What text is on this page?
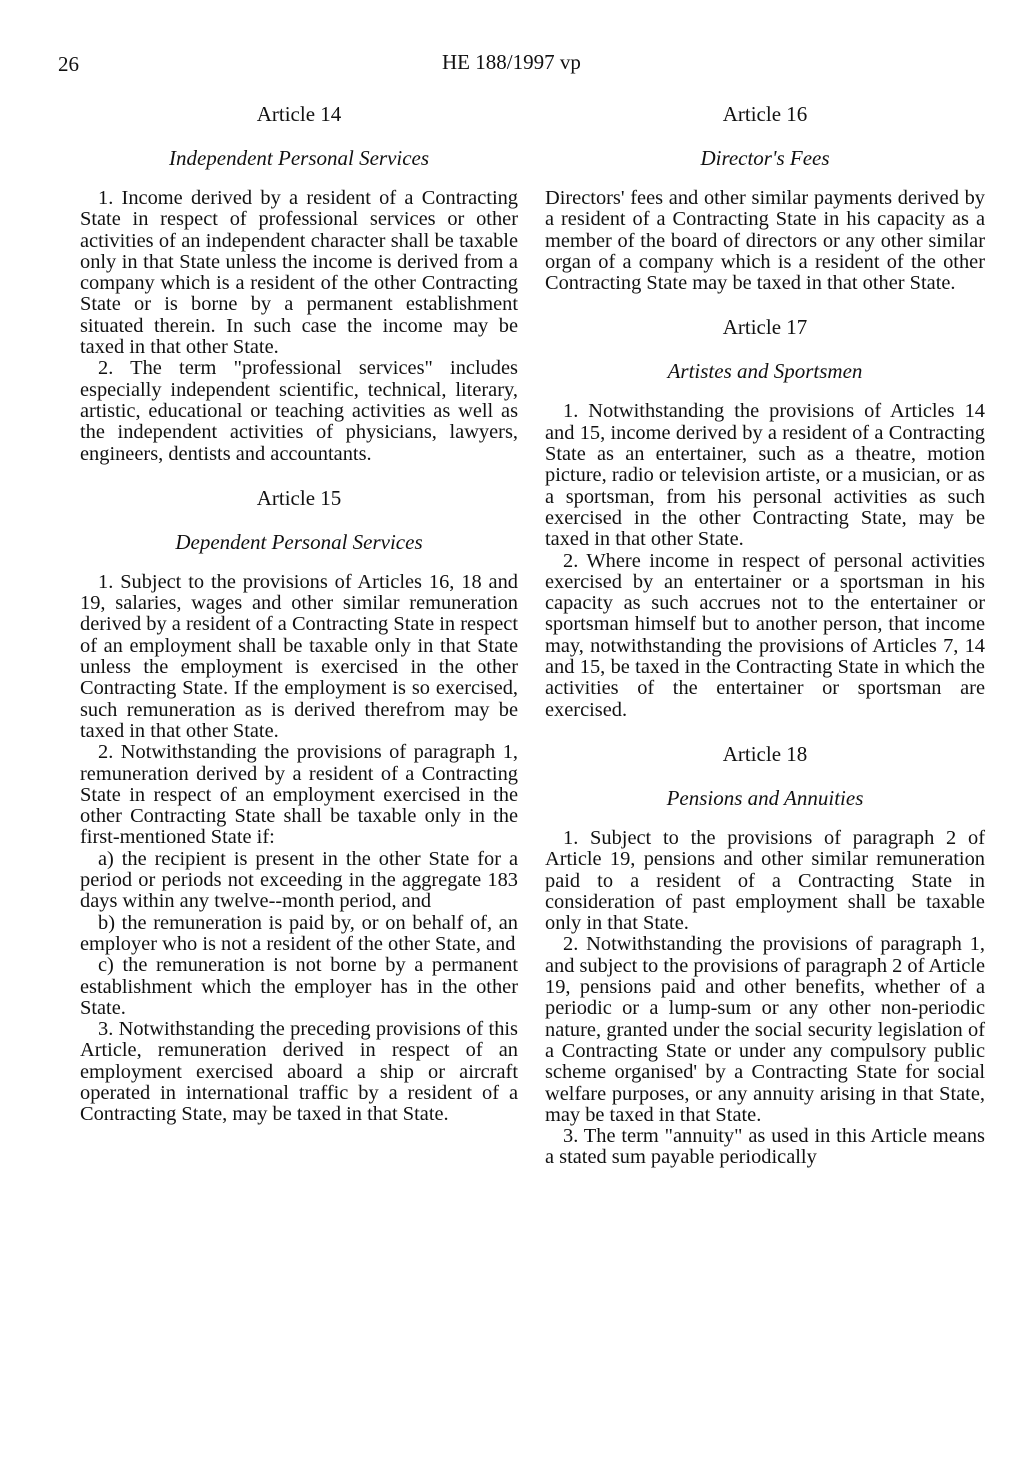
26	HE 188/1997 vp

Article 14

Independent Personal Services

1. Income derived by a resident of a Contracting State in respect of professional services or other activities of an independent character shall be taxable only in that State unless the income is derived from a company which is a resident of the other Contracting State or is borne by a permanent establishment situated therein. In such case the income may be taxed in that other State.

2. The term "professional services" includes especially independent scientific, technical, literary, artistic, educational or teaching activities as well as the independent activities of physicians, lawyers, engineers, dentists and accountants.

Article 15

Dependent Personal Services

1. Subject to the provisions of Articles 16, 18 and 19, salaries, wages and other similar remuneration derived by a resident of a Contracting State in respect of an employment shall be taxable only in that State unless the employment is exercised in the other Contracting State. If the employment is so exercised, such remuneration as is derived therefrom may be taxed in that other State.

2. Notwithstanding the provisions of paragraph 1, remuneration derived by a resident of a Contracting State in respect of an employment exercised in the other Contracting State shall be taxable only in the first-mentioned State if:

a) the recipient is present in the other State for a period or periods not exceeding in the aggregate 183 days within any twelve--month period, and

b) the remuneration is paid by, or on behalf of, an employer who is not a resident of the other State, and

c) the remuneration is not borne by a permanent establishment which the employer has in the other State.

3. Notwithstanding the preceding provisions of this Article, remuneration derived in respect of an employment exercised aboard a ship or aircraft operated in international traffic by a resident of a Contracting State, may be taxed in that State.

Article 16

Director's Fees

Directors' fees and other similar payments derived by a resident of a Contracting State in his capacity as a member of the board of directors or any other similar organ of a company which is a resident of the other Contracting State may be taxed in that other State.

Article 17

Artistes and Sportsmen

1. Notwithstanding the provisions of Articles 14 and 15, income derived by a resident of a Contracting State as an entertainer, such as a theatre, motion picture, radio or television artiste, or a musician, or as a sportsman, from his personal activities as such exercised in the other Contracting State, may be taxed in that other State.

2. Where income in respect of personal activities exercised by an entertainer or a sportsman in his capacity as such accrues not to the entertainer or sportsman himself but to another person, that income may, notwithstanding the provisions of Articles 7, 14 and 15, be taxed in the Contracting State in which the activities of the entertainer or sportsman are exercised.

Article 18

Pensions and Annuities

1. Subject to the provisions of paragraph 2 of Article 19, pensions and other similar remuneration paid to a resident of a Contracting State in consideration of past employment shall be taxable only in that State.

2. Notwithstanding the provisions of paragraph 1, and subject to the provisions of paragraph 2 of Article 19, pensions paid and other benefits, whether of a periodic or a lump-sum or any other non-periodic nature, granted under the social security legislation of a Contracting State or under any compulsory public scheme organised' by a Contracting State for social welfare purposes, or any annuity arising in that State, may be taxed in that State.

3. The term "annuity" as used in this Article means a stated sum payable periodically
